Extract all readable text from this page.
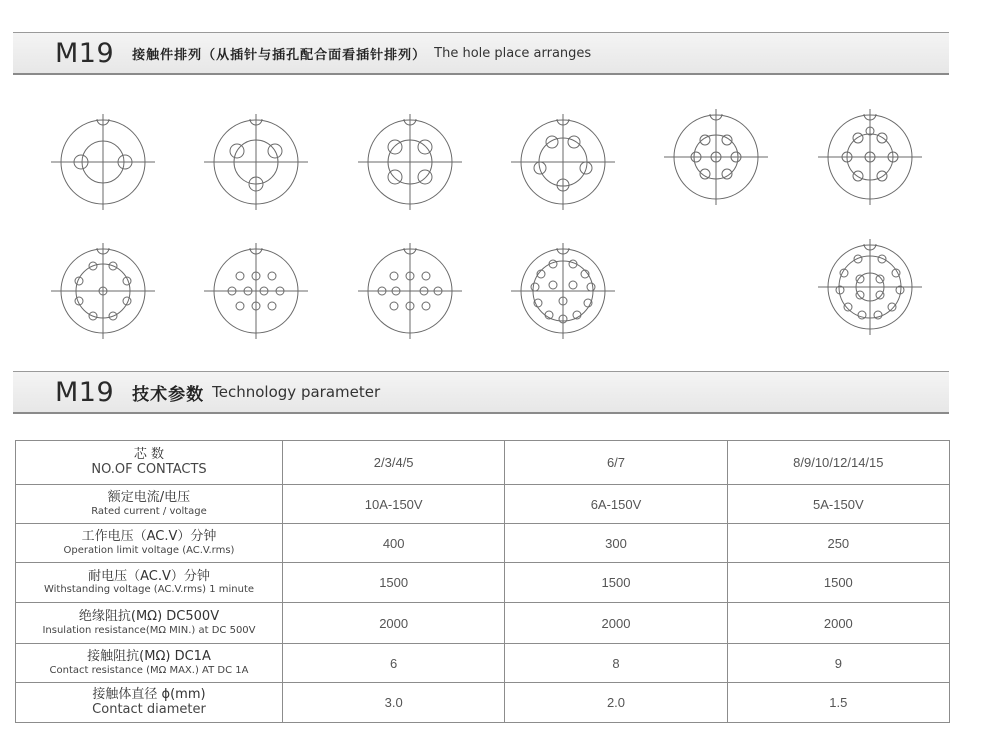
M19 接触件排列（从插针与插孔配合面看插针排列） The hole place arranges
M19 技术参数 Technology parameter
芯 数
NO.OF CONTACTS	2/3/4/5	6/7	8/9/10/12/14/15

额定电流/电压
Rated current / voltage	10A-150V	6A-150V	5A-150V

工作电压（AC.V）分钟
Operation limit voltage (AC.V.rms)	400	300	250

耐电压（AC.V）分钟
Withstanding voltage (AC.V.rms) 1 minute	1500	1500	1500

绝缘阻抗(MΩ) DC500V
Insulation resistance(MΩ MIN.) at DC 500V	2000	2000	2000

接触阻抗(MΩ) DC1A
Contact resistance (MΩ MAX.) AT DC 1A	6	8	9

接触体直径 ϕ(mm)
Contact diameter	3.0	2.0	1.5
